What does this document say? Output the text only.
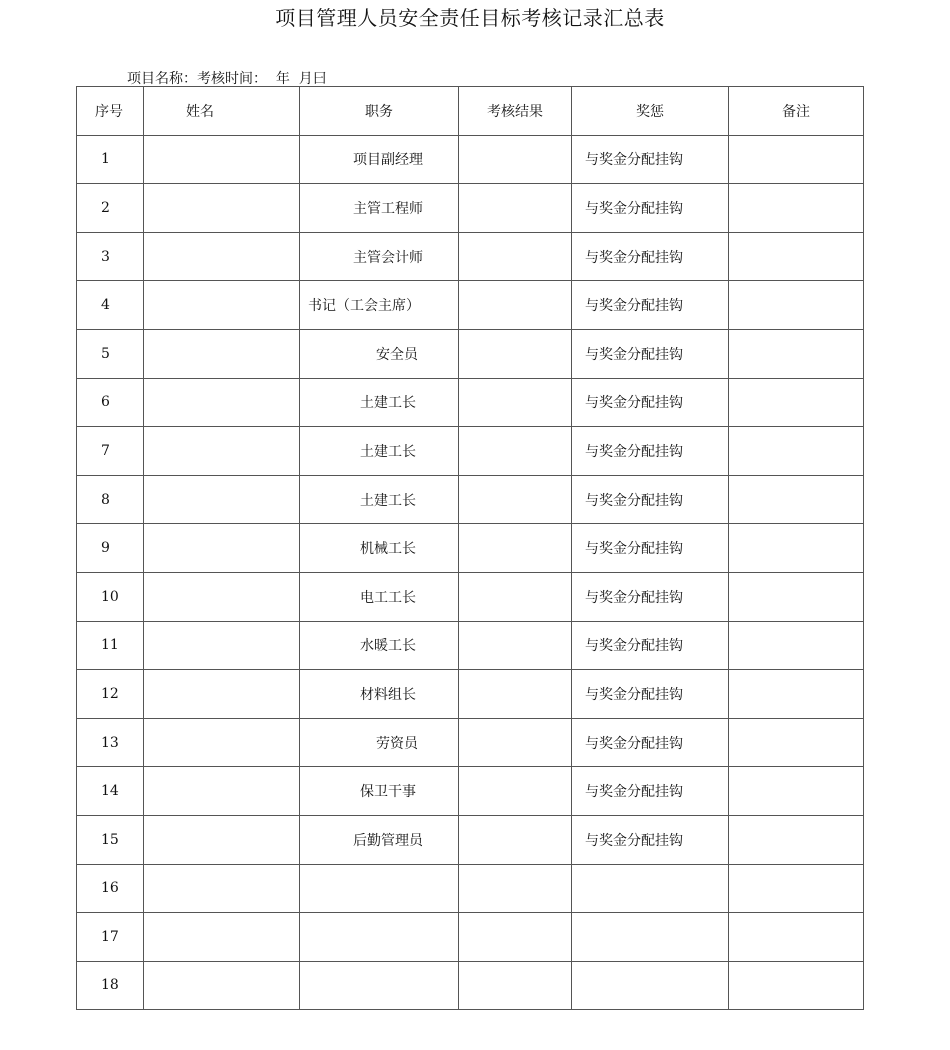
项目管理人员安全责任目标考核记录汇总表
项目名称：考核时间：  年  月曰
序号	姓名	职务	考核结果	奖惩	备注
1		项目副经理		与奖金分配挂钩	
2		主管工程师		与奖金分配挂钩	
3		主管会计师		与奖金分配挂钩	
4		书记（工会主席）		与奖金分配挂钩	
5		安全员		与奖金分配挂钩	
6		土建工长		与奖金分配挂钩	
7		土建工长		与奖金分配挂钩	
8		土建工长		与奖金分配挂钩	
9		机械工长		与奖金分配挂钩	
10		电工工长		与奖金分配挂钩	
11		水暖工长		与奖金分配挂钩	
12		材料组长		与奖金分配挂钩	
13		劳资员		与奖金分配挂钩	
14		保卫干事		与奖金分配挂钩	
15		后勤管理员		与奖金分配挂钩	
16					
17					
18					
